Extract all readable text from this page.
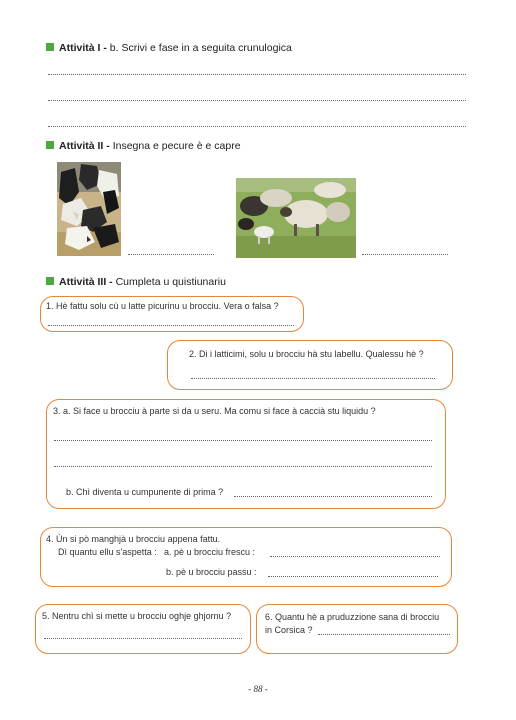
Attività I - b. Scrivi e fase in a seguita crunulogica
Attività II - Insegna e pecure è e capre
Attività III - Cumpleta u quistiunariu
1. Hè fattu solu cù u latte picurinu u brocciu. Vera o falsa ?
2. Di i latticimi, solu u brocciu hà stu labellu. Qualessu hè ?
3. a. Si face u brocciu à parte si da u seru. Ma comu si face à caccià stu liquidu ?
b. Chì diventa u cumpunente di prima ?
4. Ùn si pò manghjà u brocciu appena fattu.
Dì quantu ellu s'aspetta : a. pè u brocciu frescu :
b. pè u brocciu passu :
5. Nentru chì si mette u brocciu oghje ghjornu ?	6. Quantu hè a pruduzzione sana di brocciu
in Corsica ?
- 88 -
